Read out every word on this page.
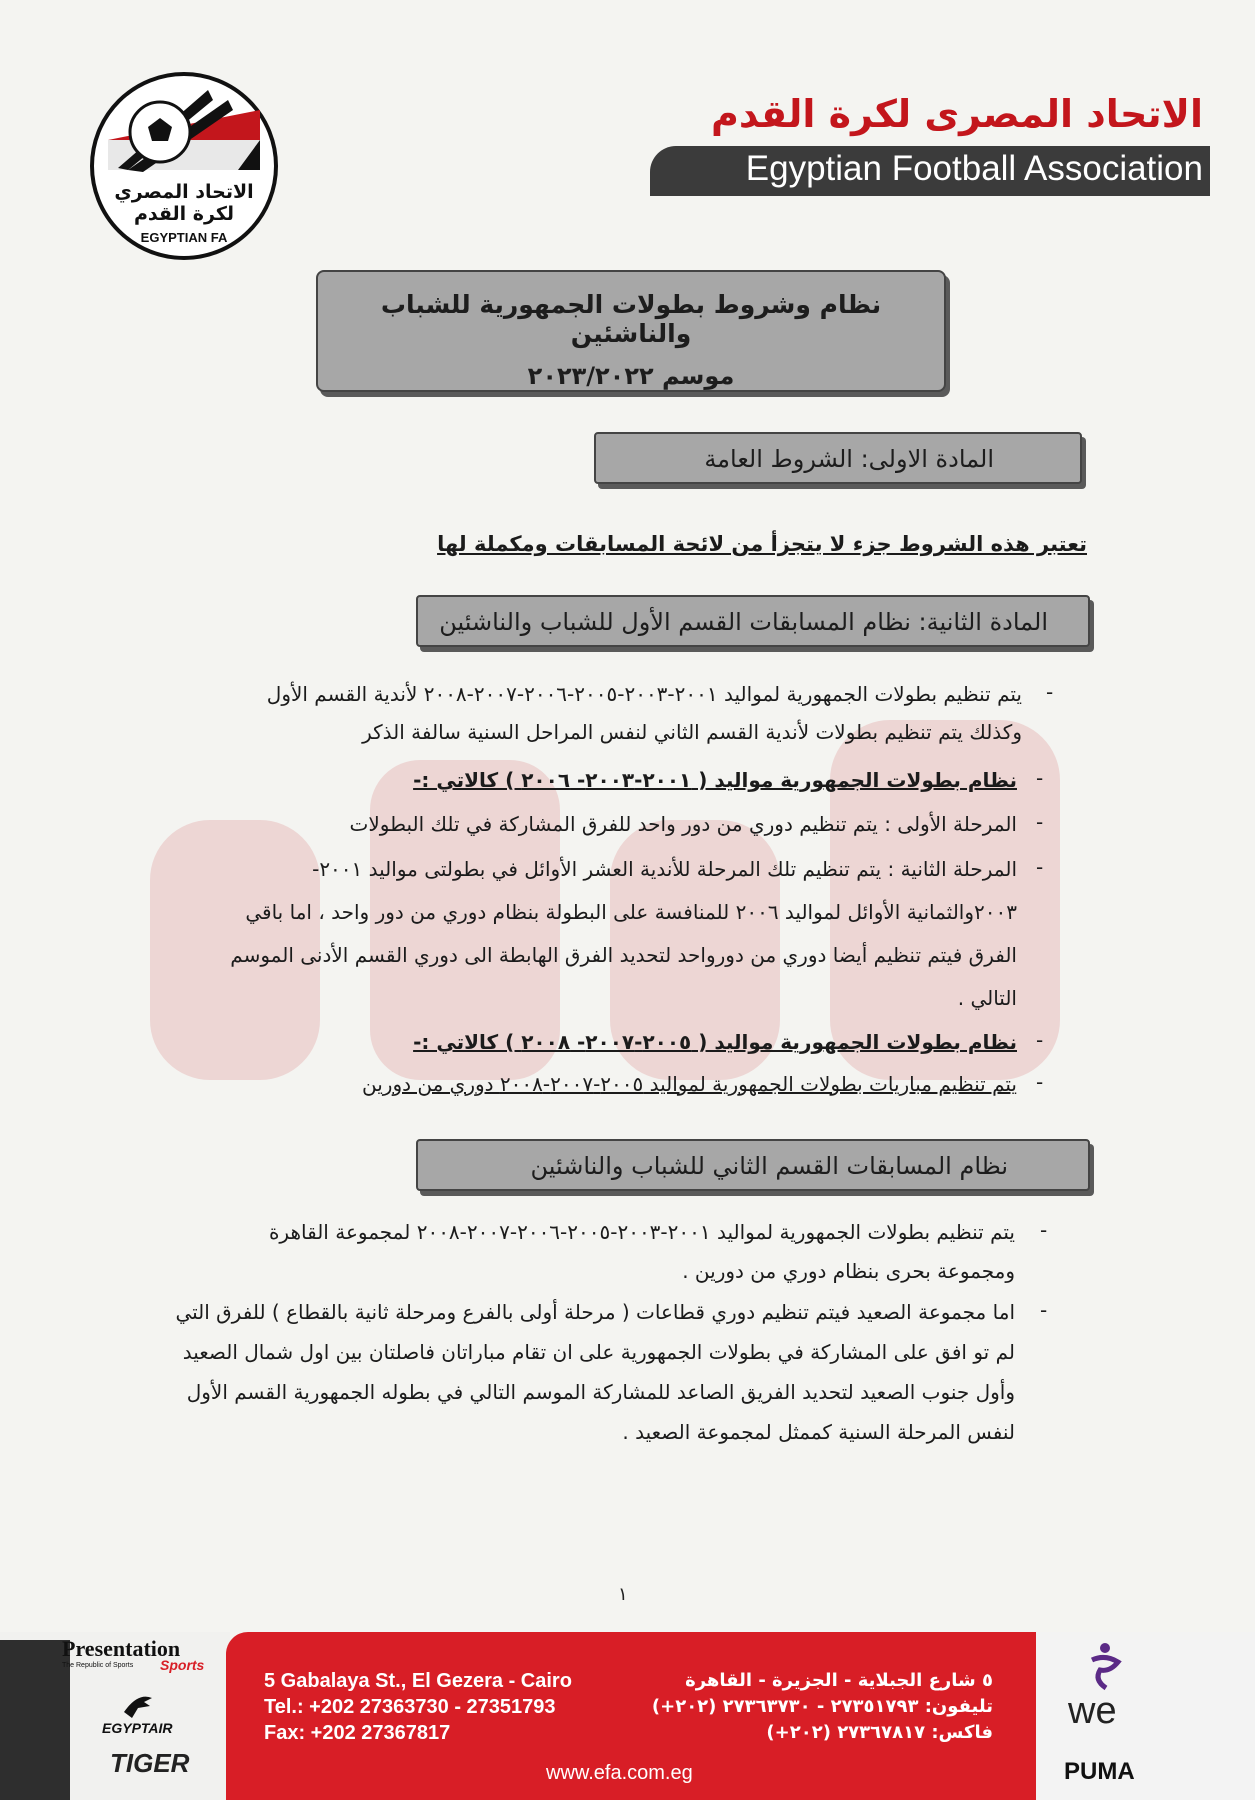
الاتحاد المصري
لكرة القدم
EGYPTIAN FA
الاتحاد المصرى لكرة القدم
Egyptian Football Association
نظام وشروط بطولات الجمهورية للشباب والناشئين
موسم ٢٠٢٣/٢٠٢٢
المادة الاولى: الشروط العامة
تعتبر هذه الشروط جزء لا يتجزأ من لائحة المسابقات ومكملة لها
المادة الثانية: نظام المسابقات القسم الأول للشباب والناشئين
-
يتم تنظيم بطولات الجمهورية لمواليد ٢٠٠١-٢٠٠٣-٢٠٠٥-٢٠٠٦-٢٠٠٧-٢٠٠٨ لأندية القسم الأول
وكذلك يتم تنظيم بطولات لأندية القسم الثاني لنفس المراحل السنية سالفة الذكر
-
نظام بطولات الجمهورية مواليد ( ٢٠٠١-٢٠٠٣- ٢٠٠٦ ) كالاتي :-
-
المرحلة الأولى : يتم تنظيم دوري من دور واحد للفرق المشاركة في تلك البطولات
-
المرحلة الثانية : يتم تنظيم تلك المرحلة للأندية العشر الأوائل في بطولتى مواليد ٢٠٠١-
٢٠٠٣والثمانية الأوائل لمواليد ٢٠٠٦ للمنافسة على البطولة بنظام دوري من دور واحد ، اما باقي
الفرق فيتم تنظيم أيضا دوري من دورواحد لتحديد الفرق الهابطة الى دوري القسم الأدنى الموسم
التالي .
-
نظام بطولات الجمهورية مواليد ( ٢٠٠٥-٢٠٠٧- ٢٠٠٨ ) كالاتي :-
-
يتم تنظيم مباريات بطولات الجمهورية لمواليد ٢٠٠٥-٢٠٠٧-٢٠٠٨ دوري من دورين
نظام المسابقات القسم الثاني للشباب والناشئين
-
يتم تنظيم بطولات الجمهورية لمواليد ٢٠٠١-٢٠٠٣-٢٠٠٥-٢٠٠٦-٢٠٠٧-٢٠٠٨ لمجموعة القاهرة
ومجموعة بحرى بنظام دوري من دورين .
-
اما مجموعة الصعيد فيتم تنظيم دوري قطاعات ( مرحلة أولى بالفرع ومرحلة ثانية بالقطاع ) للفرق التي
لم تو افق على المشاركة في بطولات الجمهورية على ان تقام مباراتان فاصلتان بين اول شمال الصعيد
وأول جنوب الصعيد لتحديد الفريق الصاعد للمشاركة الموسم التالي في بطوله الجمهورية القسم الأول
لنفس المرحلة السنية كممثل لمجموعة الصعيد .
١
Presentation
Sports
The Republic of Sports
EGYPTAIR
TIGER
5 Gabalaya St., El Gezera - Cairo
Tel.: +202 27363730 - 27351793
Fax: +202 27367817
٥ شارع الجبلاية - الجزيرة - القاهرة
تليفون: ٢٧٣٥١٧٩٣ - ٢٧٣٦٣٧٣٠ (٢٠٢+)
فاكس: ٢٧٣٦٧٨١٧ (٢٠٢+)
www.efa.com.eg
we
PUMA
